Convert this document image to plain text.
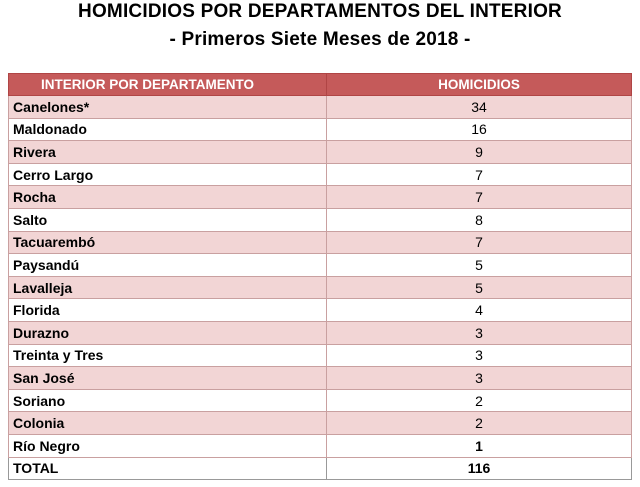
HOMICIDIOS POR DEPARTAMENTOS DEL INTERIOR
- Primeros Siete Meses de 2018 -
INTERIOR POR DEPARTAMENTO	HOMICIDIOS
Canelones*	34
Maldonado	16
Rivera	9
Cerro Largo	7
Rocha	7
Salto	8
Tacuarembó	7
Paysandú	5
Lavalleja	5
Florida	4
Durazno	3
Treinta y Tres	3
San José	3
Soriano	2
Colonia	2
Río Negro	1
TOTAL	116
